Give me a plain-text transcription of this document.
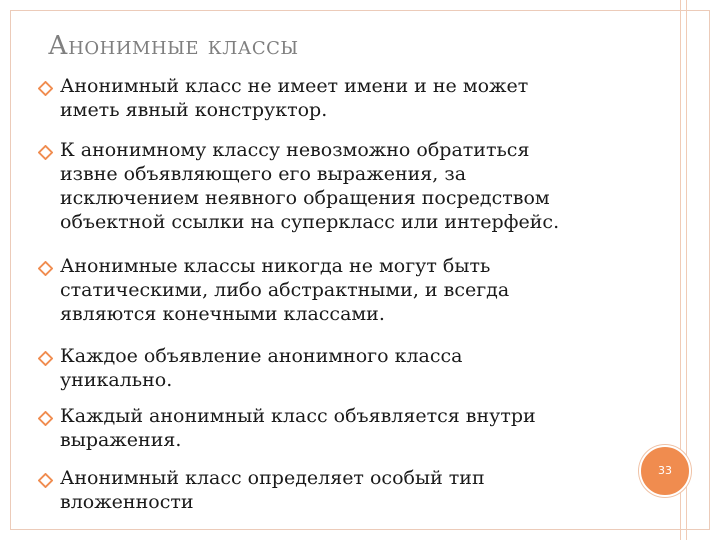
Анонимные классы

Анонимный класс не имеет имени и не может
иметь явный конструктор.

К анонимному классу невозможно обратиться
извне объявляющего его выражения, за
исключением неявного обращения посредством
объектной ссылки на суперкласс или интерфейс.

Анонимные классы никогда не могут быть
статическими, либо абстрактными, и всегда
являются конечными классами.

Каждое объявление анонимного класса
уникально.

Каждый анонимный класс объявляется внутри
выражения.

Анонимный класс определяет особый тип
вложенности

33
